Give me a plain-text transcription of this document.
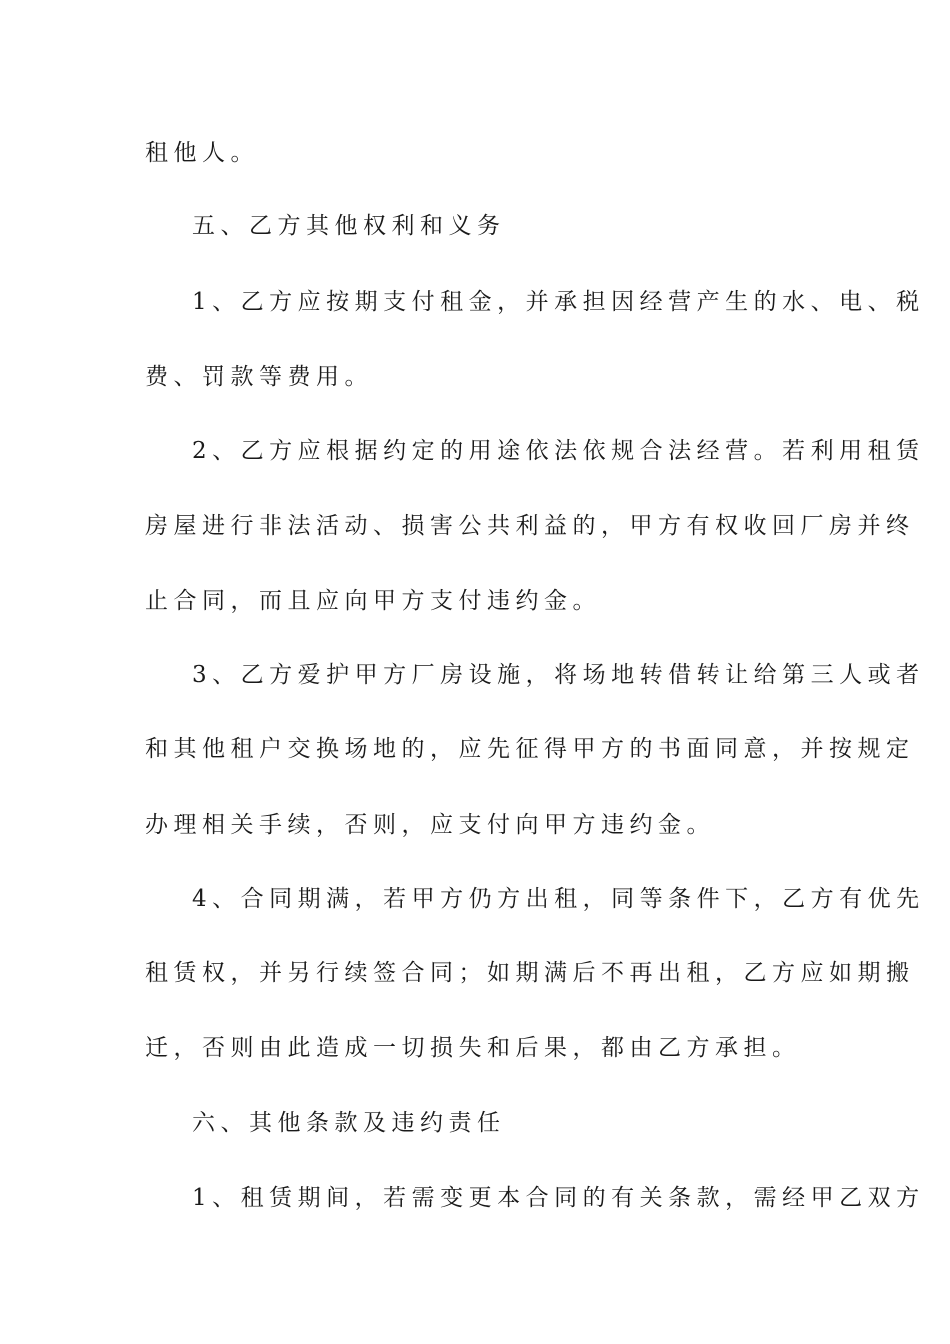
租他人。
五、乙方其他权利和义务
1、乙方应按期支付租金，并承担因经营产生的水、电、税
费、罚款等费用。
2、乙方应根据约定的用途依法依规合法经营。若利用租赁
房屋进行非法活动、损害公共利益的，甲方有权收回厂房并终
止合同，而且应向甲方支付违约金。
3、乙方爱护甲方厂房设施，将场地转借转让给第三人或者
和其他租户交换场地的，应先征得甲方的书面同意，并按规定
办理相关手续，否则，应支付向甲方违约金。
4、合同期满，若甲方仍方出租，同等条件下，乙方有优先
租赁权，并另行续签合同；如期满后不再出租，乙方应如期搬
迁，否则由此造成一切损失和后果，都由乙方承担。
六、其他条款及违约责任
1、租赁期间，若需变更本合同的有关条款，需经甲乙双方
